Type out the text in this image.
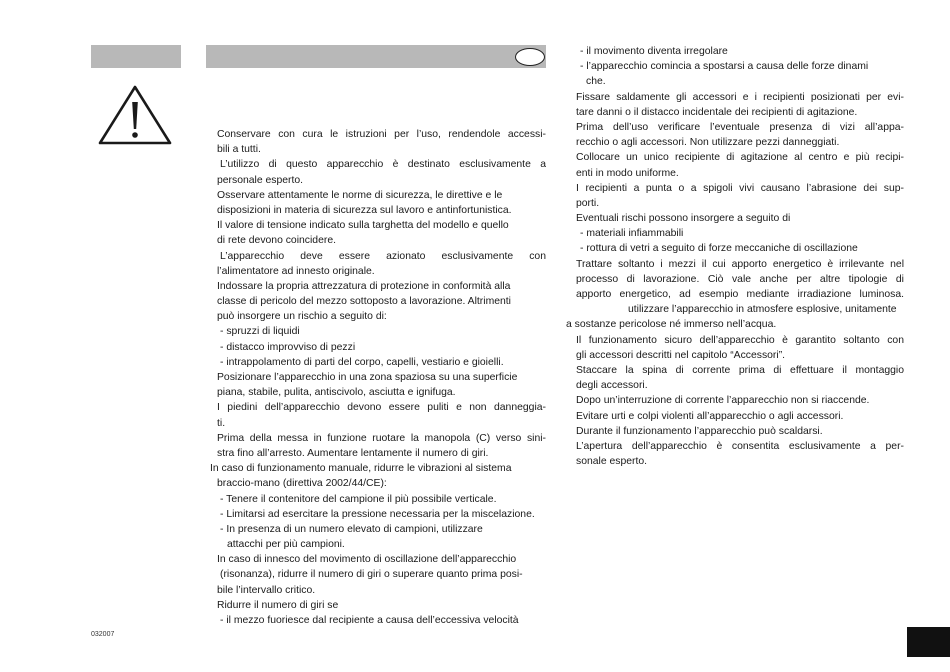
Conservare con cura le istruzioni per l’uso, rendendole accessi-
bili a tutti.
L’utilizzo di questo apparecchio è destinato esclusivamente a
personale esperto.
Osservare attentamente le norme di sicurezza, le direttive e le
disposizioni in materia di sicurezza sul lavoro e antinfortunistica.
Il valore di tensione indicato sulla targhetta del modello e quello
di rete devono coincidere.
L’apparecchio deve essere azionato esclusivamente con
l’alimentatore ad innesto originale.
Indossare la propria attrezzatura di protezione in conformità alla
classe di pericolo del mezzo sottoposto a lavorazione. Altrimenti
può insorgere un rischio a seguito di:
- spruzzi di liquidi
- distacco improvviso di pezzi
- intrappolamento di parti del corpo, capelli, vestiario e gioielli.
Posizionare l’apparecchio in una zona spaziosa su una superficie
piana, stabile, pulita, antiscivolo, asciutta e ignifuga.
I piedini dell’apparecchio devono essere puliti e non danneggia-
ti.
Prima della messa in funzione ruotare la manopola (C) verso sini-
stra fino all’arresto. Aumentare lentamente il numero di giri.
In caso di funzionamento manuale, ridurre le vibrazioni al sistema
braccio-mano (direttiva 2002/44/CE):
- Tenere il contenitore del campione il più possibile verticale.
- Limitarsi ad esercitare la pressione necessaria per la miscelazione.
- In presenza di un numero elevato di campioni, utilizzare
attacchi per più campioni.
In caso di innesco del movimento di oscillazione dell’apparecchio
(risonanza), ridurre il numero di giri o superare quanto prima posi-
bile l’intervallo critico.
Ridurre il numero di giri se
- il mezzo fuoriesce dal recipiente a causa dell’eccessiva velocità
- il movimento diventa irregolare
- l’apparecchio comincia a spostarsi a causa delle forze dinami
che.
Fissare saldamente gli accessori e i recipienti posizionati per evi-
tare danni o il distacco incidentale dei recipienti di agitazione.
Prima dell’uso verificare l’eventuale presenza di vizi all’appa-
recchio o agli accessori. Non utilizzare pezzi danneggiati.
Collocare un unico recipiente di agitazione al centro e più recipi-
enti in modo uniforme.
I recipienti a punta o a spigoli vivi causano l’abrasione dei sup-
porti.
Eventuali rischi possono insorgere a seguito di
- materiali infiammabili
- rottura di vetri a seguito di forze meccaniche di oscillazione
Trattare soltanto i mezzi il cui apporto energetico è irrilevante nel
processo di lavorazione. Ciò vale anche per altre tipologie di
apporto energetico, ad esempio mediante irradiazione luminosa.
utilizzare l’apparecchio in atmosfere esplosive, unitamente
a sostanze pericolose né immerso nell’acqua.
Il funzionamento sicuro dell’apparecchio è garantito soltanto con
gli accessori descritti nel capitolo “Accessori”.
Staccare la spina di corrente prima di effettuare il montaggio
degli accessori.
Dopo un’interruzione di corrente l’apparecchio non si riaccende.
Evitare urti e colpi violenti all’apparecchio o agli accessori.
Durante il funzionamento l’apparecchio può scaldarsi.
L’apertura dell’apparecchio è consentita esclusivamente a per-
sonale esperto.
032007
